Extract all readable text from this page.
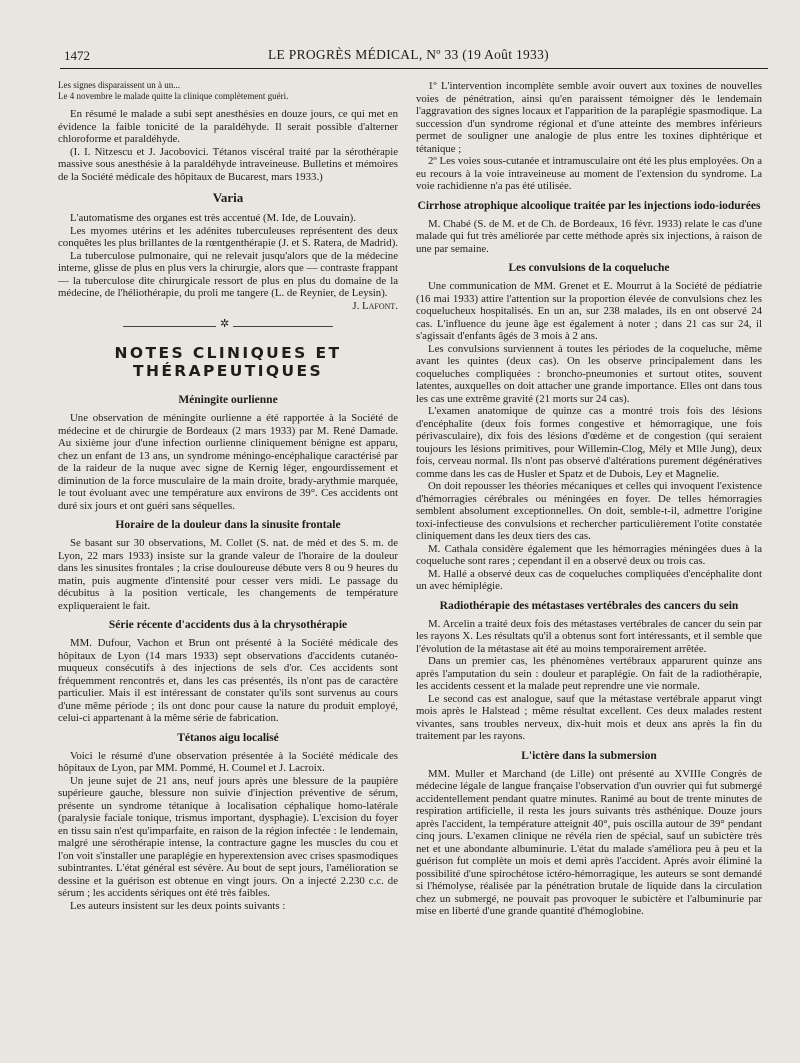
1472	LE PROGRÈS MÉDICAL, Nº 33 (19 Août 1933)

Les signes disparaissent un à un...

Le 4 novembre le malade quitte la clinique complètement guéri.

En résumé le malade a subi sept anesthésies en douze jours, ce qui met en évidence la faible tonicité de la paraldéhyde. Il serait possible d'alterner chloroforme et paraldéhyde.

(I. I. Nitzescu et J. Jacobovici. Tétanos viscéral traité par la sérothérapie massive sous anesthésie à la paraldéhyde intraveineuse. Bulletins et mémoires de la Société médicale des hôpitaux de Bucarest, mars 1933.)

Varia

L'automatisme des organes est très accentué (M. Ide, de Louvain).

Les myomes utérins et les adénites tuberculeuses représentent des deux conquêtes les plus brillantes de la rœntgenthérapie (J. et S. Ratera, de Madrid).

La tuberculose pulmonaire, qui ne relevait jusqu'alors que de la médecine interne, glisse de plus en plus vers la chirurgie, alors que — contraste frappant — la tuberculose dite chirurgicale ressort de plus en plus du domaine de la médecine, de l'héliothérapie, du proli me tangere (L. de Reynier, de Leysin).

J. Lafont.

✲
NOTES CLINIQUES ET THÉRAPEUTIQUES
Méningite ourlienne

Une observation de méningite ourlienne a été rapportée à la Société de médecine et de chirurgie de Bordeaux (2 mars 1933) par M. René Damade. Au sixième jour d'une infection ourlienne cliniquement bénigne est apparu, chez un enfant de 13 ans, un syndrome méningo-encéphalique caractérisé par de la raideur de la nuque avec signe de Kernig léger, engourdissement et diminution de la force musculaire de la main droite, brady-arythmie marquée, le tout évoluant avec une température aux environs de 39°. Ces accidents ont duré six jours et ont guéri sans séquelles.

Horaire de la douleur dans la sinusite frontale

Se basant sur 30 observations, M. Collet (S. nat. de méd et des S. m. de Lyon, 22 mars 1933) insiste sur la grande valeur de l'horaire de la douleur dans les sinusites frontales ; la crise douloureuse débute vers 8 ou 9 heures du matin, puis augmente d'intensité pour cesser vers midi. Le passage du décubitus à la position verticale, les changements de température expliqueraient le fait.

Série récente d'accidents dus à la chrysothérapie

MM. Dufour, Vachon et Brun ont présenté à la Société médicale des hôpitaux de Lyon (14 mars 1933) sept observations d'accidents cutanéo-muqueux consécutifs à des injections de sels d'or. Ces accidents sont fréquemment rencontrés et, dans les cas présentés, ils n'ont pas de caractère particulier. Mais il est intéressant de constater qu'ils sont survenus au cours d'une même période ; ils ont donc pour cause la nature du produit employé, celui-ci appartenant à la même série de fabrication.

Tétanos aigu localisé

Voici le résumé d'une observation présentée à la Société médicale des hôpitaux de Lyon, par MM. Pommé, H. Coumel et J. Lacroix.

Un jeune sujet de 21 ans, neuf jours après une blessure de la paupière supérieure gauche, blessure non suivie d'injection préventive de sérum, présente un syndrome tétanique à localisation céphalique homo-latérale (paralysie faciale tonique, trismus important, dysphagie). L'excision du foyer en tissu sain n'est qu'imparfaite, en raison de la région infectée : le lendemain, malgré une sérothérapie intense, la contracture gagne les muscles du cou et l'on voit s'installer une paraplégie en hyperextension avec crises spasmodiques subintrantes. L'état général est sévère. Au bout de sept jours, l'amélioration se dessine et la guérison est obtenue en vingt jours. On a injecté 2.230 c.c. de sérum ; les accidents sériques ont été très faibles.

Les auteurs insistent sur les deux points suivants :

1º L'intervention incomplète semble avoir ouvert aux toxines de nouvelles voies de pénétration, ainsi qu'en paraissent témoigner dès le lendemain l'aggravation des signes locaux et l'apparition de la paraplégie spasmodique. La succession d'un syndrome régional et d'une atteinte des membres inférieurs permet de souligner une analogie de plus entre les toxines diphtérique et tétanique ;

2º Les voies sous-cutanée et intramusculaire ont été les plus employées. On a eu recours à la voie intraveineuse au moment de l'extension du syndrome. La voie rachidienne n'a pas été utilisée.

Cirrhose atrophique alcoolique traitée par les injections iodo-iodurées

M. Chabé (S. de M. et de Ch. de Bordeaux, 16 févr. 1933) relate le cas d'une malade qui fut très améliorée par cette méthode après six injections, à raison de une par semaine.

Les convulsions de la coqueluche

Une communication de MM. Grenet et E. Mourrut à la Société de pédiatrie (16 mai 1933) attire l'attention sur la proportion élevée de convulsions chez les coquelucheux hospitalisés. En un an, sur 238 malades, ils en ont observé 24 cas. L'influence du jeune âge est également à noter ; dans 21 cas sur 24, il s'agissait d'enfants âgés de 3 mois à 2 ans.

Les convulsions surviennent à toutes les périodes de la coqueluche, même avant les quintes (deux cas). On les observe principalement dans les coqueluches compliquées : broncho-pneumonies et surtout otites, souvent latentes, auxquelles on doit attacher une grande importance. Elles ont dans tous les cas une extrême gravité (21 morts sur 24 cas).

L'examen anatomique de quinze cas a montré trois fois des lésions d'encéphalite (deux fois formes congestive et hémorragique, une fois périvasculaire), dix fois des lésions d'œdème et de congestion (qui seraient toujours les lésions primitives, pour Willemin-Clog, Mély et Mlle Jung), deux fois, cerveau normal. Ils n'ont pas observé d'altérations purement dégénératives comme dans les cas de Husler et Spatz et de Dubois, Ley et Magnelie.

On doit repousser les théories mécaniques et celles qui invoquent l'existence d'hémorragies cérébrales ou méningées en foyer. De telles hémorragies semblent absolument exceptionnelles. On doit, semble-t-il, admettre l'origine toxi-infectieuse des convulsions et rechercher particulièrement l'otite constatée cliniquement dans les deux tiers des cas.

M. Cathala considère également que les hémorragies méningées dues à la coqueluche sont rares ; cependant il en a observé deux ou trois cas.

M. Hallé a observé deux cas de coqueluches compliquées d'encéphalite dont un avec hémiplégie.

Radiothérapie des métastases vertébrales des cancers du sein

M. Arcelin a traité deux fois des métastases vertébrales de cancer du sein par les rayons X. Les résultats qu'il a obtenus sont fort intéressants, et il semble que l'évolution de la métastase ait été au moins temporairement arrêtée.

Dans un premier cas, les phénomènes vertébraux apparurent quinze ans après l'amputation du sein : douleur et paraplégie. On fait de la radiothérapie, les accidents cessent et la malade peut reprendre une vie normale.

Le second cas est analogue, sauf que la métastase vertébrale apparut vingt mois après le Halstead ; même résultat excellent. Ces deux malades restent vivantes, sans troubles nerveux, dix-huit mois et deux ans après la fin du traitement par les rayons.

L'ictère dans la submersion

MM. Muller et Marchand (de Lille) ont présenté au XVIIIe Congrès de médecine légale de langue française l'observation d'un ouvrier qui fut submergé accidentellement pendant quatre minutes. Ranimé au bout de trente minutes de respiration artificielle, il resta les jours suivants très asthénique. Douze jours après l'accident, la température atteignit 40°, puis oscilla autour de 39° pendant cinq jours. L'examen clinique ne révéla rien de spécial, sauf un subictère très net et une abondante albuminurie. L'état du malade s'améliora peu à peu et la guérison fut complète un mois et demi après l'accident. Après avoir éliminé la possibilité d'une spirochétose ictéro-hémorragique, les auteurs se sont demandé si l'hémolyse, réalisée par la pénétration brutale de liquide dans la circulation chez un submergé, ne pouvait pas provoquer le subictère et l'albuminurie par mise en liberté d'une grande quantité d'hémoglobine.
